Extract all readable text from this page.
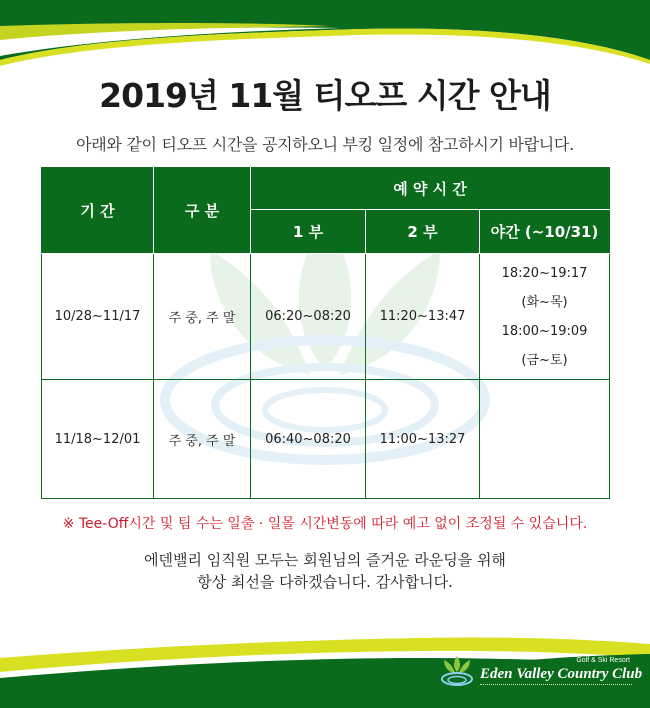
2019년 11월 티오프 시간 안내
아래와 같이 티오프 시간을 공지하오니 부킹 일정에 참고하시기 바랍니다.
기 간	구 분	예 약 시 간		
		1 부	2 부	야간 (~10/31)
10/28~11/17	주 중, 주 말	06:20~08:20	11:20~13:47	18:20~19:17
(화~목)
18:00~19:09
(금~토)

11/18~12/01	주 중, 주 말	06:40~08:20	11:00~13:27	
※ Tee-Off시간 및 팀 수는 일출 · 일몰 시간변동에 따라 예고 없이 조정될 수 있습니다.
에덴밸리 임직원 모두는 회원님의 즐거운 라운딩을 위해
항상 최선을 다하겠습니다. 감사합니다.
Golf & Ski Resort
Eden Valley Country Club
